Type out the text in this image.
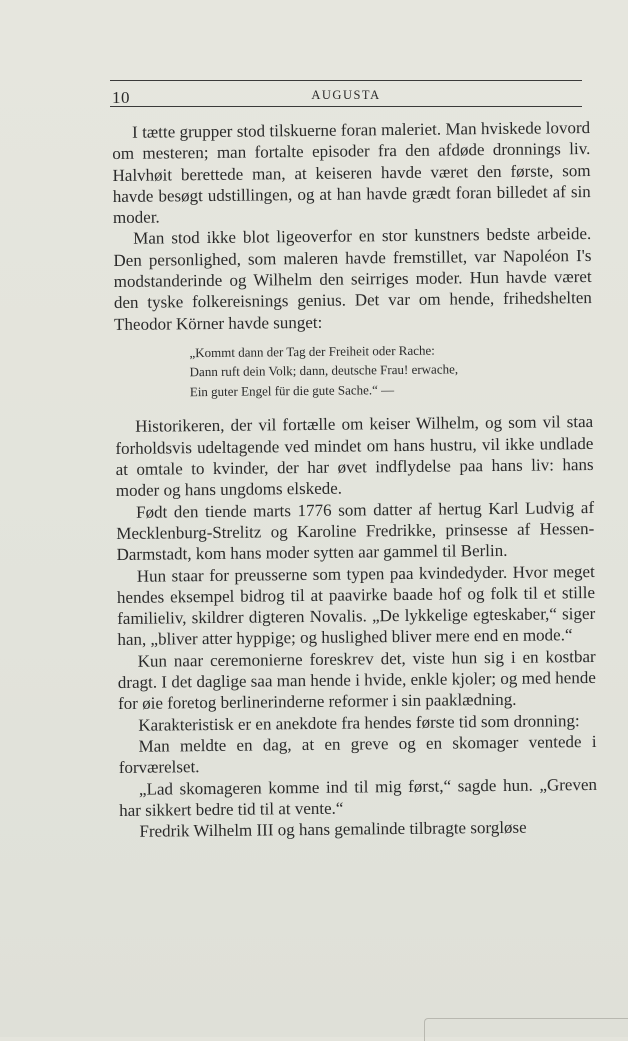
10	AUGUSTA

I tætte grupper stod tilskuerne foran maleriet. Man hviskede lovord om mesteren; man fortalte episoder fra den afdøde dronnings liv. Halvhøit berettede man, at keiseren havde været den første, som havde besøgt udstillingen, og at han havde grædt foran billedet af sin moder.

Man stod ikke blot ligeoverfor en stor kunstners bedste arbeide. Den personlighed, som maleren havde fremstillet, var Napoléon I's modstanderinde og Wilhelm den seirriges moder. Hun havde været den tyske folkereisnings genius. Det var om hende, frihedshelten Theodor Körner havde sunget:

„Kommt dann der Tag der Freiheit oder Rache:
Dann ruft dein Volk; dann, deutsche Frau! erwache,
Ein guter Engel für die gute Sache.“ —

Historikeren, der vil fortælle om keiser Wilhelm, og som vil staa forholdsvis udeltagende ved mindet om hans hustru, vil ikke undlade at omtale to kvinder, der har øvet indflydelse paa hans liv: hans moder og hans ungdoms elskede.

Født den tiende marts 1776 som datter af hertug Karl Ludvig af Mecklenburg-Strelitz og Karoline Fredrikke, prinsesse af Hessen-Darmstadt, kom hans moder sytten aar gammel til Berlin.

Hun staar for preusserne som typen paa kvindedyder. Hvor meget hendes eksempel bidrog til at paavirke baade hof og folk til et stille familieliv, skildrer digteren Novalis. „De lykkelige egteskaber,“ siger han, „bliver atter hyppige; og huslighed bliver mere end en mode.“

Kun naar ceremonierne foreskrev det, viste hun sig i en kostbar dragt. I det daglige saa man hende i hvide, enkle kjoler; og med hende for øie foretog berlinerinderne reformer i sin paaklædning.

Karakteristisk er en anekdote fra hendes første tid som dronning:

Man meldte en dag, at en greve og en skomager ventede i forværelset.

„Lad skomageren komme ind til mig først,“ sagde hun. „Greven har sikkert bedre tid til at vente.“

Fredrik Wilhelm III og hans gemalinde tilbragte sorgløse
